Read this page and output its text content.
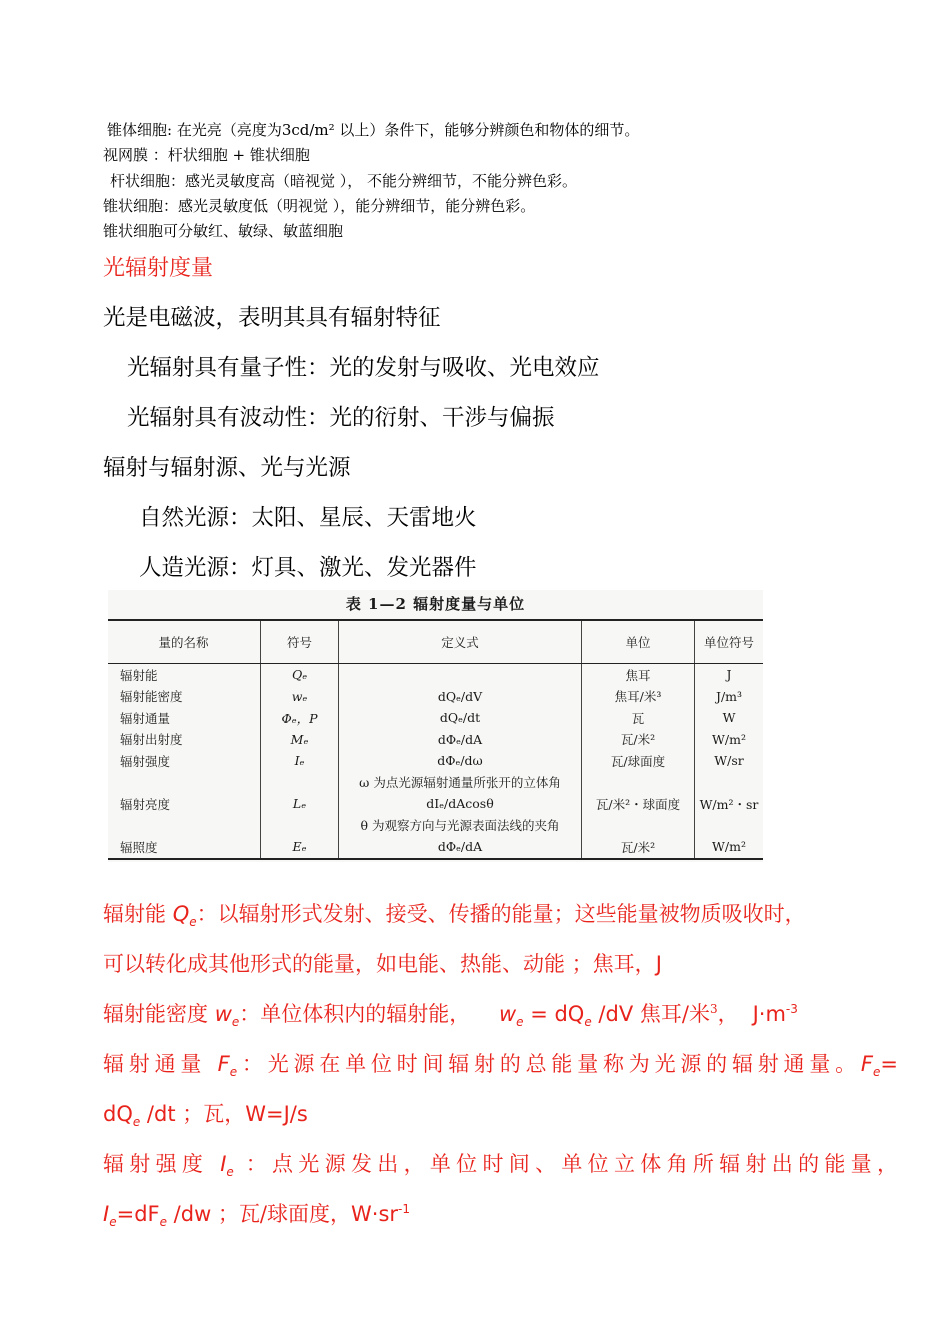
锥体细胞: 在光亮（亮度为3cd/m² 以上）条件下，能够分辨颜色和物体的细节。
视网膜 ：杆状细胞 + 锥状细胞
杆状细胞：感光灵敏度高（暗视觉 ）， 不能分辨细节，不能分辨色彩。
锥状细胞：感光灵敏度低（明视觉 ），能分辨细节，能分辨色彩。
锥状细胞可分敏红、敏绿、敏蓝细胞
光辐射度量
光是电磁波，表明其具有辐射特征
光辐射具有量子性：光的发射与吸收、光电效应
光辐射具有波动性：光的衍射、干涉与偏振
辐射与辐射源、光与光源
自然光源：太阳、星辰、天雷地火
人造光源：灯具、激光、发光器件
表 1—2 辐射度量与单位
量的名称	符号	定义式	单位	单位符号
辐射能	Qₑ		焦耳	J
辐射能密度	wₑ	dQₑ/dV	焦耳/米³	J/m³
辐射通量	Φₑ，P	dQₑ/dt	瓦	W
辐射出射度	Mₑ	dΦₑ/dA	瓦/米²	W/m²
辐射强度	Iₑ	dΦₑ/dω	瓦/球面度	W/sr
		ω 为点光源辐射通量所张开的立体角		
辐射亮度	Lₑ	dIₑ/dAcosθ	瓦/米²・球面度	W/m²・sr
		θ 为观察方向与光源表面法线的夹角		
辐照度	Eₑ	dΦₑ/dA	瓦/米²	W/m²
辐射能 $Q_e$：以辐射形式发射、接受、传播的能量；这些能量被物质吸收时，
可以转化成其他形式的能量，如电能、热能、动能 ；焦耳，J
辐射能密度 $w_e$：单位体积内的辐射能， $w_e = dQ_e$ /dV 焦耳/米$^3$， $J\cdot m^{-3}$
辐射通量 $F_e$：光源在单位时间辐射的总能量称为光源的辐射通量。$F_e=$
$dQ_e$ /dt ；瓦，W=J/s
辐射强度 $I_e$ ：点光源发出，单位时间、单位立体角所辐射出的能量，
$I_e=dF_e$ /dw ；瓦/球面度，$W\cdot sr^{-1}$
